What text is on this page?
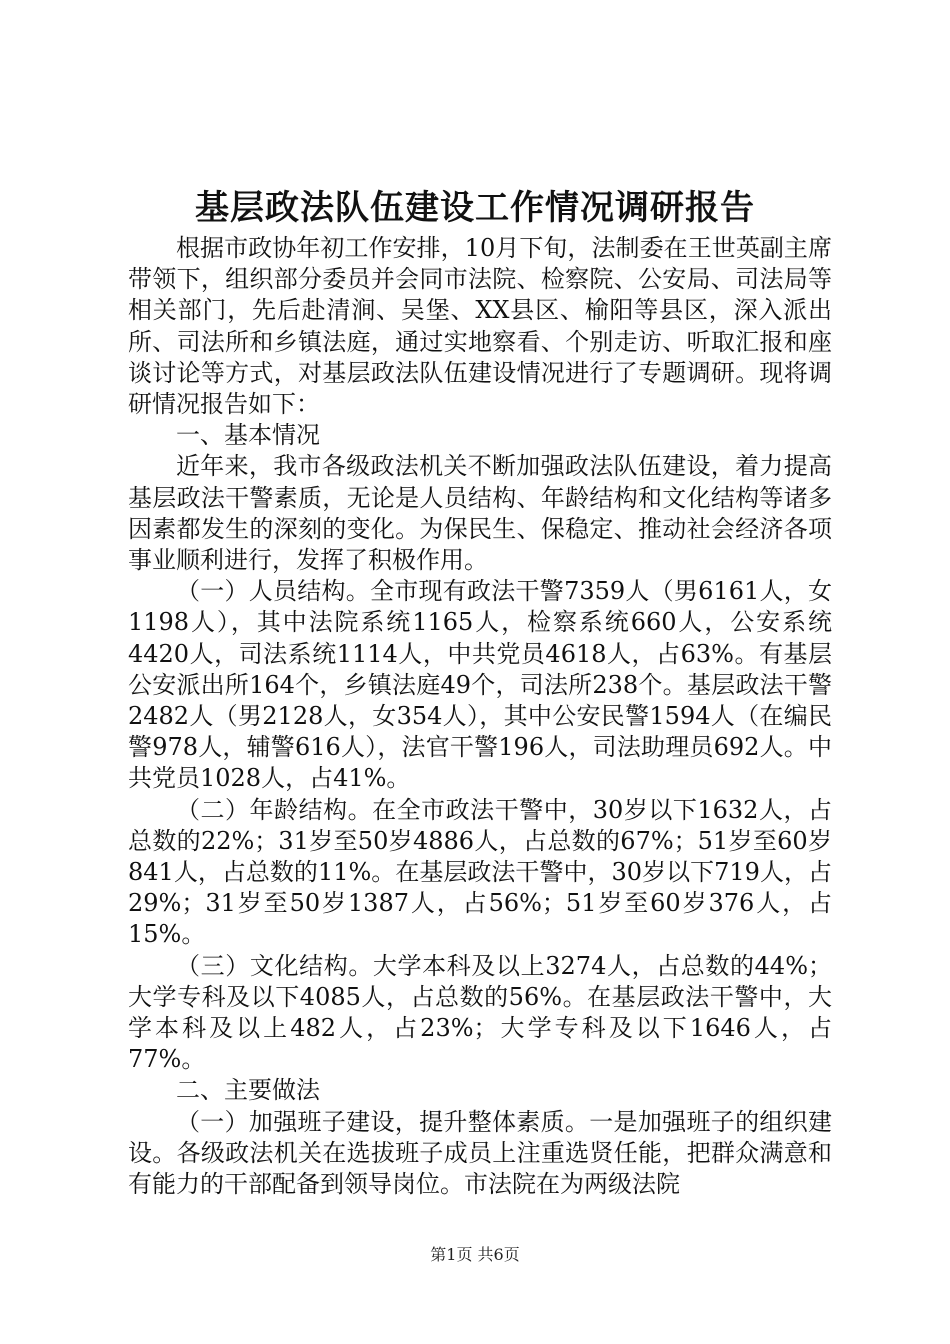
基层政法队伍建设工作情况调研报告

根据市政协年初工作安排，10月下旬，法制委在王世英副主席带领下，组织部分委员并会同市法院、检察院、公安局、司法局等相关部门，先后赴清涧、吴堡、XX县区、榆阳等县区，深入派出所、司法所和乡镇法庭，通过实地察看、个别走访、听取汇报和座谈讨论等方式，对基层政法队伍建设情况进行了专题调研。现将调研情况报告如下：

一、基本情况

近年来，我市各级政法机关不断加强政法队伍建设，着力提高基层政法干警素质，无论是人员结构、年龄结构和文化结构等诸多因素都发生的深刻的变化。为保民生、保稳定、推动社会经济各项事业顺利进行，发挥了积极作用。

（一）人员结构。全市现有政法干警7359人（男6161人，女1198人），其中法院系统1165人，检察系统660人，公安系统4420人，司法系统1114人，中共党员4618人，占63%。有基层公安派出所164个，乡镇法庭49个，司法所238个。基层政法干警2482人（男2128人，女354人），其中公安民警1594人（在编民警978人，辅警616人），法官干警196人，司法助理员692人。中共党员1028人，占41%。

（二）年龄结构。在全市政法干警中，30岁以下1632人，占总数的22%；31岁至50岁4886人，占总数的67%；51岁至60岁841人，占总数的11%。在基层政法干警中，30岁以下719人，占29%；31岁至50岁1387人，占56%；51岁至60岁376人，占15%。

（三）文化结构。大学本科及以上3274人，占总数的44%；大学专科及以下4085人，占总数的56%。在基层政法干警中，大学本科及以上482人，占23%；大学专科及以下1646人，占77%。

二、主要做法

（一）加强班子建设，提升整体素质。一是加强班子的组织建设。各级政法机关在选拔班子成员上注重选贤任能，把群众满意和有能力的干部配备到领导岗位。市法院在为两级法院

第1页 共6页
